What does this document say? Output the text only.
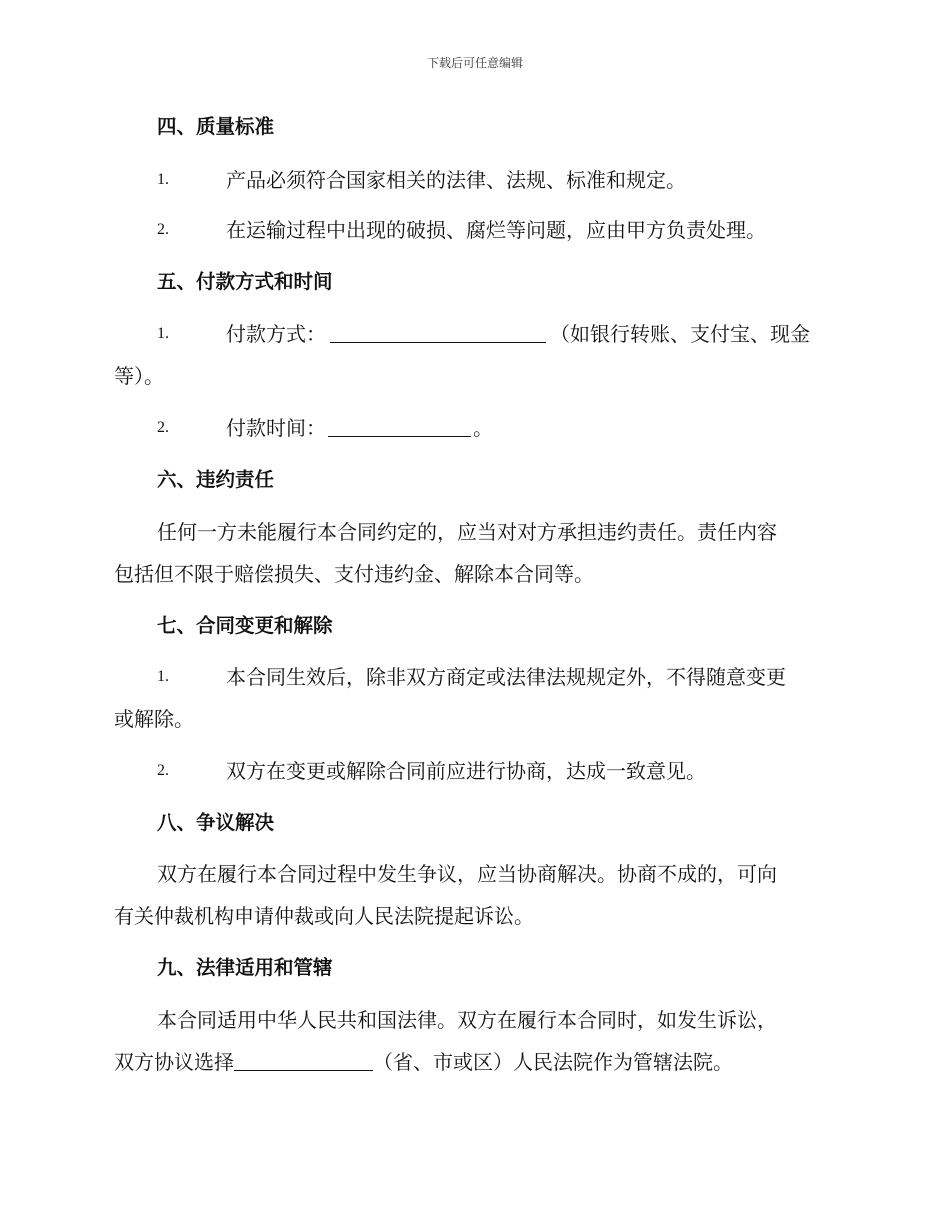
下载后可任意编辑
四、质量标准
1.	产品必须符合国家相关的法律、法规、标准和规定。
2.	在运输过程中出现的破损、腐烂等问题，应由甲方负责处理。
五、付款方式和时间
1.	付款方式：	（如银行转账、支付宝、现金
等）。
2.	付款时间：	。
六、违约责任
任何一方未能履行本合同约定的，应当对对方承担违约责任。责任内容
包括但不限于赔偿损失、支付违约金、解除本合同等。
七、合同变更和解除
1.	本合同生效后，除非双方商定或法律法规规定外，不得随意变更
或解除。
2.	双方在变更或解除合同前应进行协商，达成一致意见。
八、争议解决
双方在履行本合同过程中发生争议，应当协商解决。协商不成的，可向
有关仲裁机构申请仲裁或向人民法院提起诉讼。
九、法律适用和管辖
本合同适用中华人民共和国法律。双方在履行本合同时，如发生诉讼，
双方协议选择	（省、市或区）人民法院作为管辖法院。
